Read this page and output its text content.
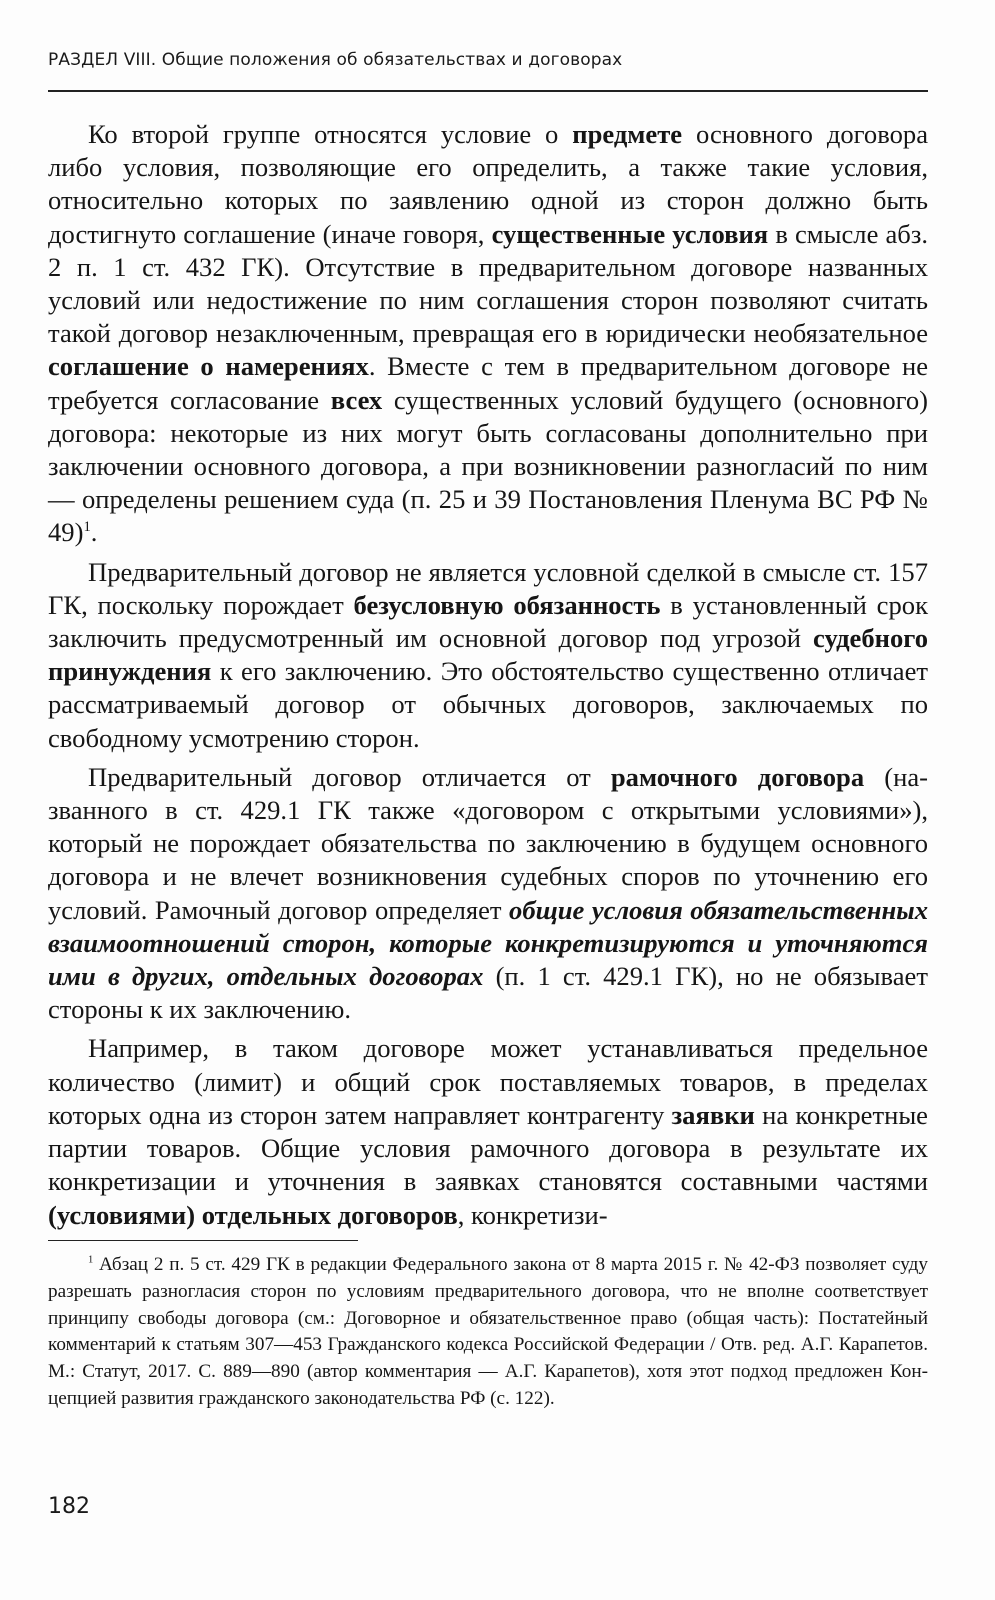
РАЗДЕЛ VIII. Общие положения об обязательствах и договорах

Ко второй группе относятся условие о предмете основного договора либо условия, позволяющие его определить, а также такие условия, относительно которых по заявлению одной из сторон должно быть достигнуто соглашение (иначе говоря, существенные условия в смысле абз. 2 п. 1 ст. 432 ГК). Отсутствие в предварительном договоре названных условий или недостижение по ним соглашения сторон позволяют считать такой договор незаключенным, превращая его в юридически необязательное соглашение о намерениях. Вместе с тем в предварительном договоре не требуется согласование всех существенных условий будущего (основного) договора: некоторые из них могут быть согласованы дополнительно при заключении основного договора, а при возникновении разногласий по ним — определены решением суда (п. 25 и 39 Постановления Пленума ВС РФ № 49)$^1$.

Предварительный договор не является условной сделкой в смысле ст. 157 ГК, поскольку порождает безусловную обязанность в установленный срок заключить предусмотренный им основной договор под угрозой судебного принуждения к его заключению. Это обстоятельство существенно отличает рассматриваемый договор от обычных договоров, заключаемых по свободному усмотрению сторон.

Предварительный договор отличается от рамочного договора (названного в ст. 429.1 ГК также «договором с открытыми условиями»), который не порождает обязательства по заключению в будущем основного договора и не влечет возникновения судебных споров по уточнению его условий. Рамочный договор определяет общие условия обязательственных взаимоотношений сторон, которые конкретизируются и уточняются ими в других, отдельных договорах (п. 1 ст. 429.1 ГК), но не обязывает стороны к их заключению.

Например, в таком договоре может устанавливаться предельное количество (лимит) и общий срок поставляемых товаров, в пределах которых одна из сторон затем направляет контрагенту заявки на конкретные партии товаров. Общие условия рамочного договора в результате их конкретизации и уточнения в заявках становятся составными частями (условиями) отдельных договоров, конкретизи-

$^1$ Абзац 2 п. 5 ст. 429 ГК в редакции Федерального закона от 8 марта 2015 г. № 42-ФЗ позволяет суду разрешать разногласия сторон по условиям предварительного договора, что не вполне соответствует принципу свободы договора (см.: Договорное и обязательственное право (общая часть): Постатейный комментарий к статьям 307—453 Гражданского кодекса Российской Федерации / Отв. ред. А.Г. Карапетов. М.: Статут, 2017. С. 889—890 (автор комментария — А.Г. Карапетов), хотя этот подход предложен Концепцией развития гражданского законодательства РФ (с. 122).

182
